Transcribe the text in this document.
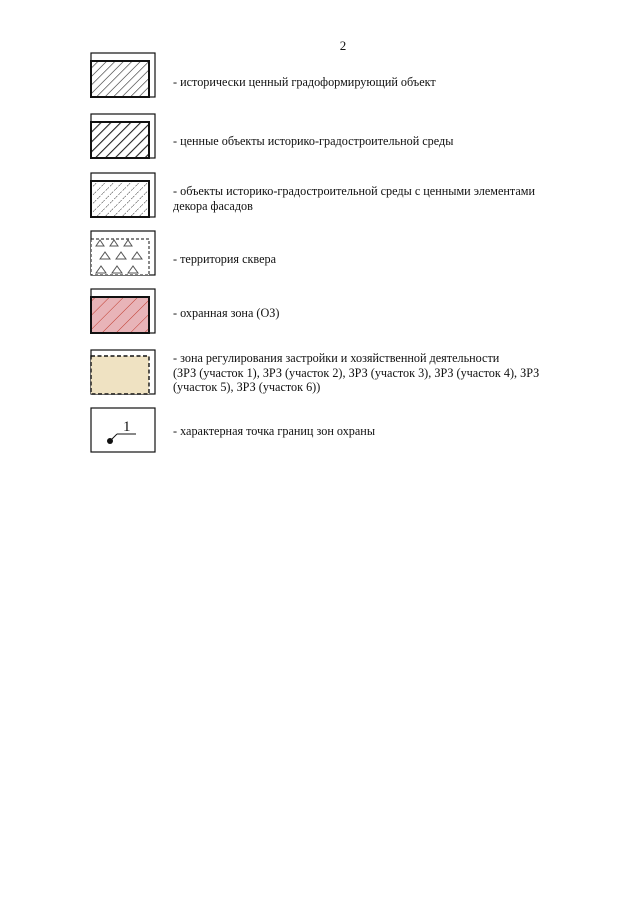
2
- исторически ценный градоформирующий объект
- ценные объекты историко-градостроительной среды
- объекты историко-градостроительной среды с ценными элементами
декора фасадов
- территория сквера
- охранная зона (ОЗ)
- зона регулирования застройки и хозяйственной деятельности
(ЗРЗ (участок 1), ЗРЗ (участок 2), ЗРЗ (участок 3), ЗРЗ (участок 4), ЗРЗ
(участок 5), ЗРЗ (участок 6))
1	- характерная точка границ зон охраны
